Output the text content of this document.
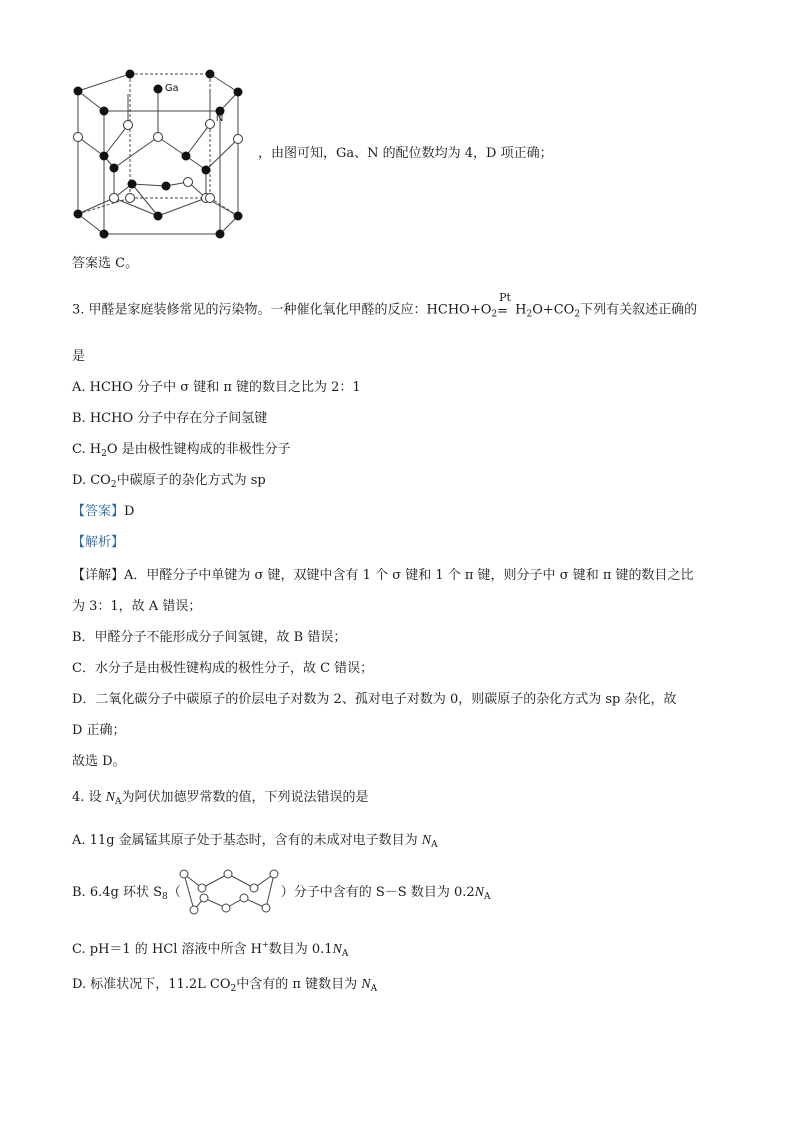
Ga
N
，由图可知，Ga、N 的配位数均为 4，D 项正确；
答案选 C。
3. 甲醛是家庭装修常见的污染物。一种催化氧化甲醛的反应：$HCHO+O_2$
Pt
= $H_2O+CO_2$下列有关叙述正确的
是
A. HCHO 分子中 σ 键和 π 键的数目之比为 2：1
B. HCHO 分子中存在分子间氢键
C. $H_2O$ 是由极性键构成的非极性分子
D. $CO_2$中碳原子的杂化方式为 sp
【答案】D
【解析】
【详解】A．甲醛分子中单键为 σ 键，双键中含有 1 个 σ 键和 1 个 π 键，则分子中 σ 键和 π 键的数目之比
为 3：1，故 A 错误；
B．甲醛分子不能形成分子间氢键，故 B 错误；
C．水分子是由极性键构成的极性分子，故 C 错误；
D．二氧化碳分子中碳原子的价层电子对数为 2、孤对电子对数为 0，则碳原子的杂化方式为 sp 杂化，故
D 正确；
故选 D。
4. 设 $N_A$为阿伏加德罗常数的值，下列说法错误的是
A. 11g 金属锰其原子处于基态时，含有的未成对电子数目为 $N_A$
B. 6.4g 环状 $S_8$（	）分子中含有的 S－S 数目为 $0.2N_A$
C. pH＝1 的 HCl 溶液中所含 H+数目为 $0.1N_A$
D. 标准状况下，11.2L $CO_2$中含有的 π 键数目为 $N_A$
